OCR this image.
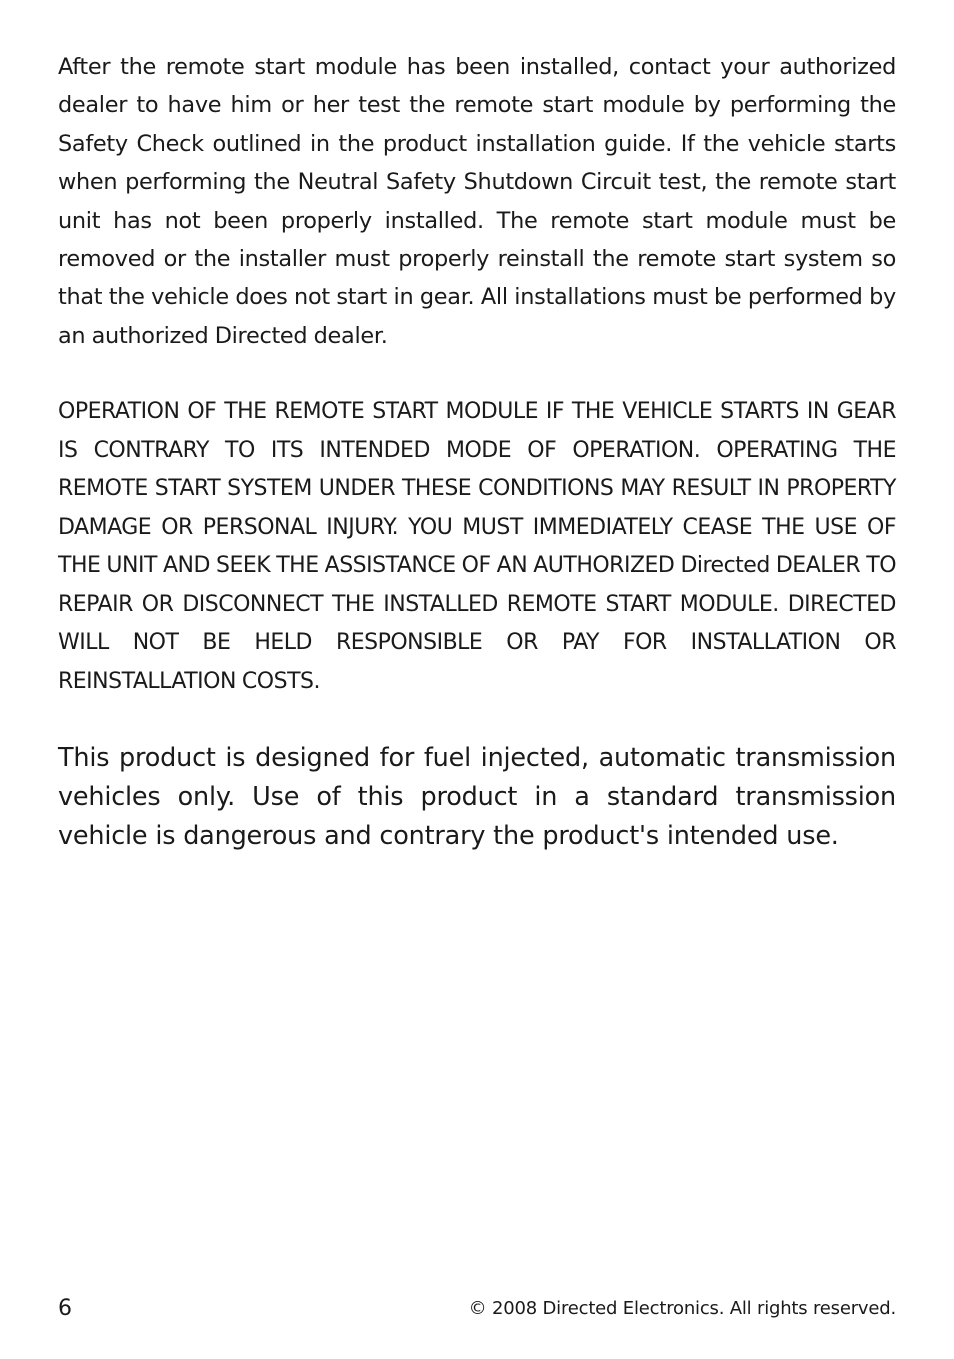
After the remote start module has been installed, contact your authorized dealer to have him or her test the remote start module by performing the Safety Check outlined in the product installation guide. If the vehicle starts when performing the Neutral Safety Shutdown Circuit test, the remote start unit has not been properly installed. The remote start module must be removed or the installer must properly reinstall the remote start system so that the vehicle does not start in gear. All installations must be performed by an authorized Directed dealer.

OPERATION OF THE REMOTE START MODULE IF THE VEHICLE STARTS IN GEAR IS CONTRARY TO ITS INTENDED MODE OF OPERATION. OPERATING THE REMOTE START SYSTEM UNDER THESE CONDITIONS MAY RESULT IN PROPERTY DAMAGE OR PERSONAL INJURY. YOU MUST IMMEDIATELY CEASE THE USE OF THE UNIT AND SEEK THE ASSISTANCE OF AN AUTHORIZED Directed DEALER TO REPAIR OR DISCONNECT THE INSTALLED REMOTE START MODULE. DIRECTED WILL NOT BE HELD RESPONSIBLE OR PAY FOR INSTALLATION OR REINSTALLATION COSTS.

This product is designed for fuel injected, automatic transmission vehicles only. Use of this product in a standard transmission vehicle is dangerous and contrary the product's intended use.

6	© 2008 Directed Electronics. All rights reserved.
